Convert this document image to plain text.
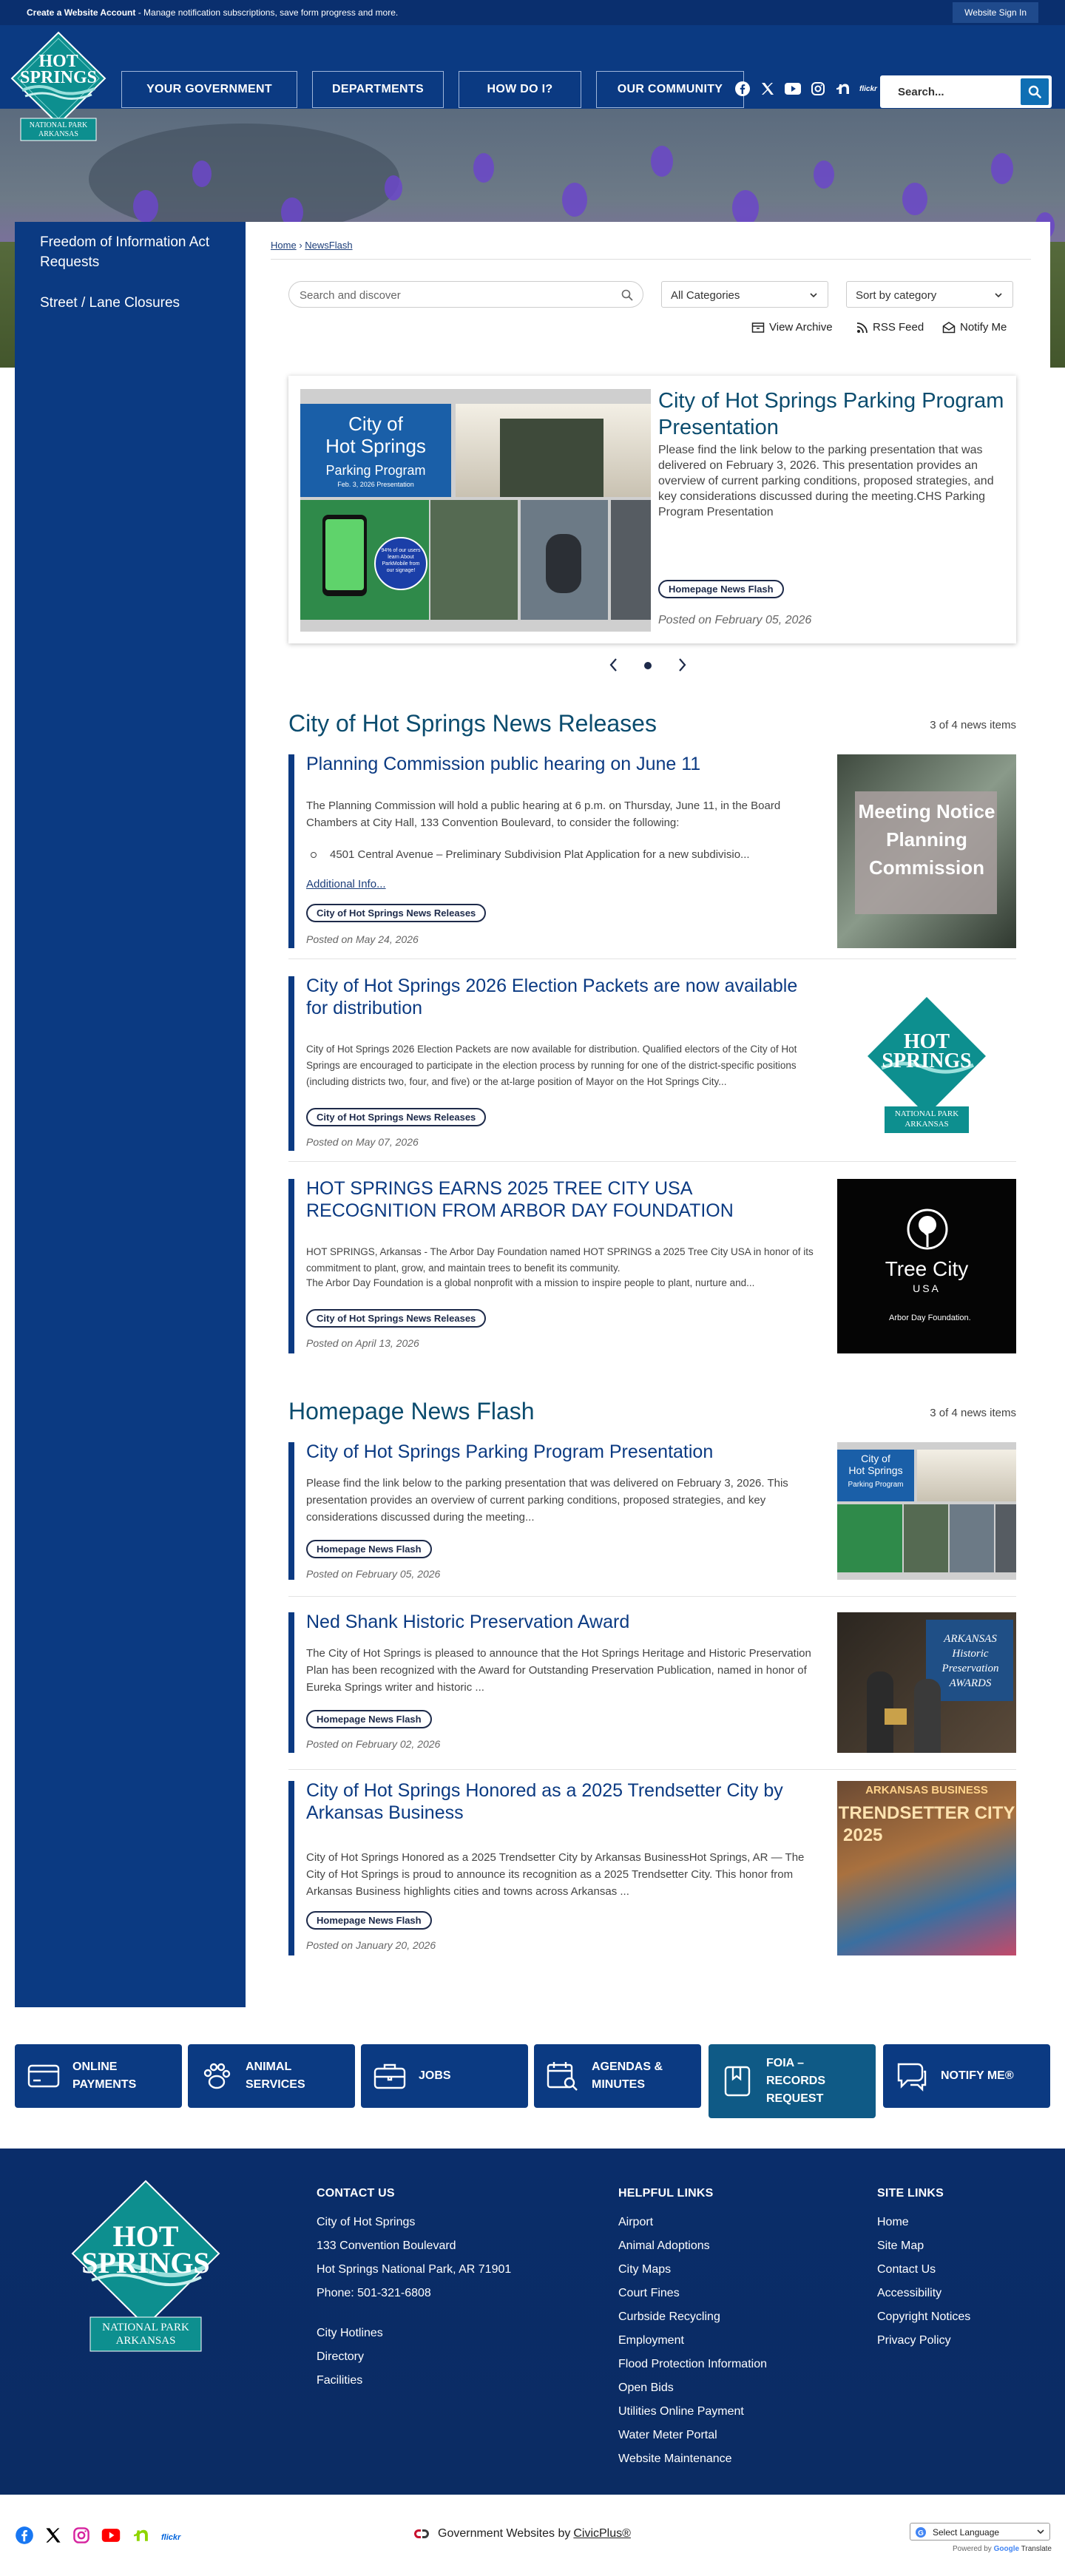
Create a Website Account - Manage notification subscriptions, save form progress and more.	Website Sign In
YOUR GOVERNMENT	DEPARTMENTS	HOW DO I?	OUR COMMUNITY	flickr Search...
HOT
SPRINGS
NATIONAL PARK
ARKANSAS
Freedom of Information Act Requests
Street / Lane Closures
Home › NewsFlash
Search and discover	All Categories	Sort by category
View Archive	RSS Feed	Notify Me
City of
Hot Springs
Parking Program
Feb. 3, 2026 Presentation
94% of our users learn About ParkMobile from our signage!
City of Hot Springs Parking Program Presentation
Please find the link below to the parking presentation that was delivered on February 3, 2026. This presentation provides an overview of current parking conditions, proposed strategies, and key considerations discussed during the meeting.CHS Parking Program Presentation
Homepage News Flash
Posted on February 05, 2026
City of Hot Springs News Releases	3 of 4 news items
Planning Commission public hearing on June 11
The Planning Commission will hold a public hearing at 6 p.m. on Thursday, June 11, in the Board Chambers at City Hall, 133 Convention Boulevard, to consider the following:
4501 Central Avenue – Preliminary Subdivision Plat Application for a new subdivisio...
Additional Info...
City of Hot Springs News Releases
Posted on May 24, 2026
Meeting Notice Planning Commission
City of Hot Springs 2026 Election Packets are now available for distribution
City of Hot Springs 2026 Election Packets are now available for distribution. Qualified electors of the City of Hot Springs are encouraged to participate in the election process by running for one of the district-specific positions (including districts two, four, and five) or the at-large position of Mayor on the Hot Springs City...
City of Hot Springs News Releases
Posted on May 07, 2026
HOT
SPRINGS
NATIONAL PARK
ARKANSAS
HOT SPRINGS EARNS 2025 TREE CITY USA RECOGNITION FROM ARBOR DAY FOUNDATION
HOT SPRINGS, Arkansas - The Arbor Day Foundation named HOT SPRINGS a 2025 Tree City USA in honor of its commitment to plant, grow, and maintain trees to benefit its community.
The Arbor Day Foundation is a global nonprofit with a mission to inspire people to plant, nurture and...
City of Hot Springs News Releases
Posted on April 13, 2026
Tree City
USA
Arbor Day Foundation.
Homepage News Flash	3 of 4 news items
City of Hot Springs Parking Program Presentation
Please find the link below to the parking presentation that was delivered on February 3, 2026. This presentation provides an overview of current parking conditions, proposed strategies, and key considerations discussed during the meeting...
Homepage News Flash
Posted on February 05, 2026
City of
Hot Springs
Parking Program
Ned Shank Historic Preservation Award
The City of Hot Springs is pleased to announce that the Hot Springs Heritage and Historic Preservation Plan has been recognized with the Award for Outstanding Preservation Publication, named in honor of Eureka Springs writer and historic ...
Homepage News Flash
Posted on February 02, 2026
ARKANSAS Historic Preservation AWARDS
City of Hot Springs Honored as a 2025 Trendsetter City by Arkansas Business
City of Hot Springs Honored as a 2025 Trendsetter City by Arkansas BusinessHot Springs, AR — The City of Hot Springs is proud to announce its recognition as a 2025 Trendsetter City. This honor from Arkansas Business highlights cities and towns across Arkansas ...
Homepage News Flash
Posted on January 20, 2026
ARKANSAS BUSINESS
TRENDSETTER CITY
2025
ONLINE PAYMENTS
ANIMAL SERVICES
JOBS
AGENDAS & MINUTES
FOIA – RECORDS REQUEST
NOTIFY ME®
HOT
SPRINGS
NATIONAL PARK
ARKANSAS
CONTACT US
City of Hot Springs
133 Convention Boulevard
Hot Springs National Park, AR 71901
Phone: 501-321-6808
City Hotlines
Directory
Facilities
HELPFUL LINKS
Airport
Animal Adoptions
City Maps
Court Fines
Curbside Recycling
Employment
Flood Protection Information
Open Bids
Utilities Online Payment
Water Meter Portal
Website Maintenance
SITE LINKS
Home
Site Map
Contact Us
Accessibility
Copyright Notices
Privacy Policy
flickr	Government Websites by CivicPlus®	Select Language
G
Powered by Google Translate
